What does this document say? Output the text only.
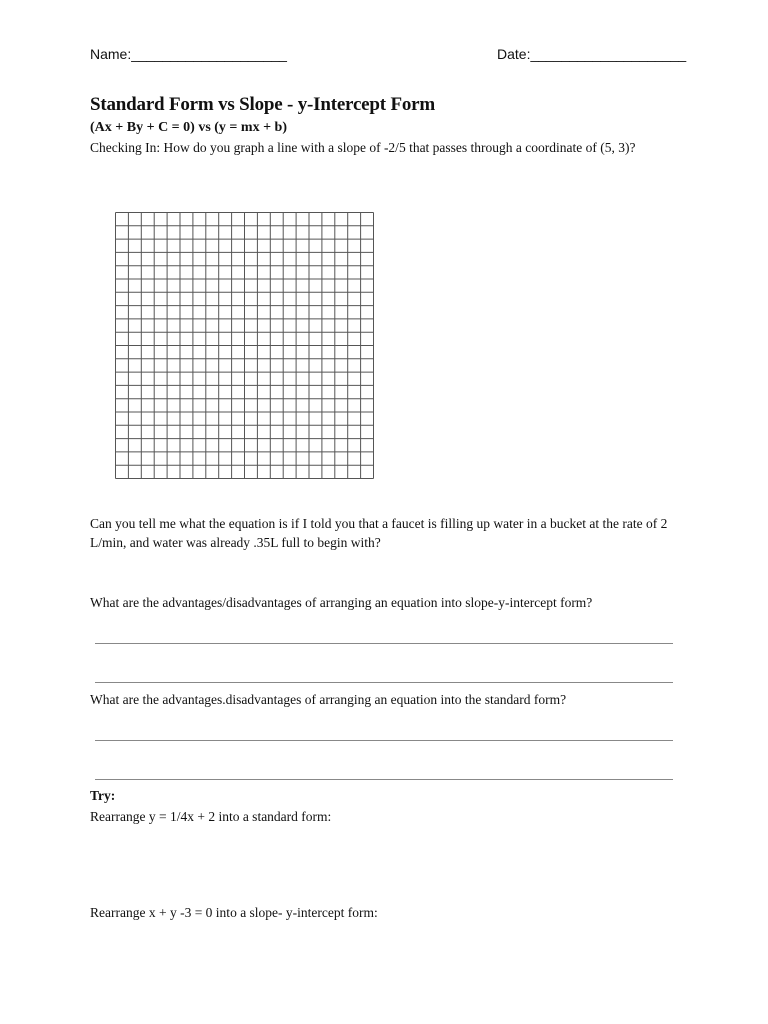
Name:____________________	Date:____________________
Standard Form vs Slope - y-Intercept Form
(Ax + By + C = 0) vs (y = mx + b)
Checking In: How do you graph a line with a slope of -2/5 that passes through a coordinate of (5, 3)?
Can you tell me what the equation is if I told you that a faucet is filling up water in a bucket at the rate of 2 L/min, and water was already .35L full to begin with?
What are the advantages/disadvantages of arranging an equation into slope-y-intercept form?
What are the advantages.disadvantages of arranging an equation into the standard form?
Try:
Rearrange y = 1/4x + 2 into a standard form:
Rearrange x + y -3 = 0 into a slope- y-intercept form:
